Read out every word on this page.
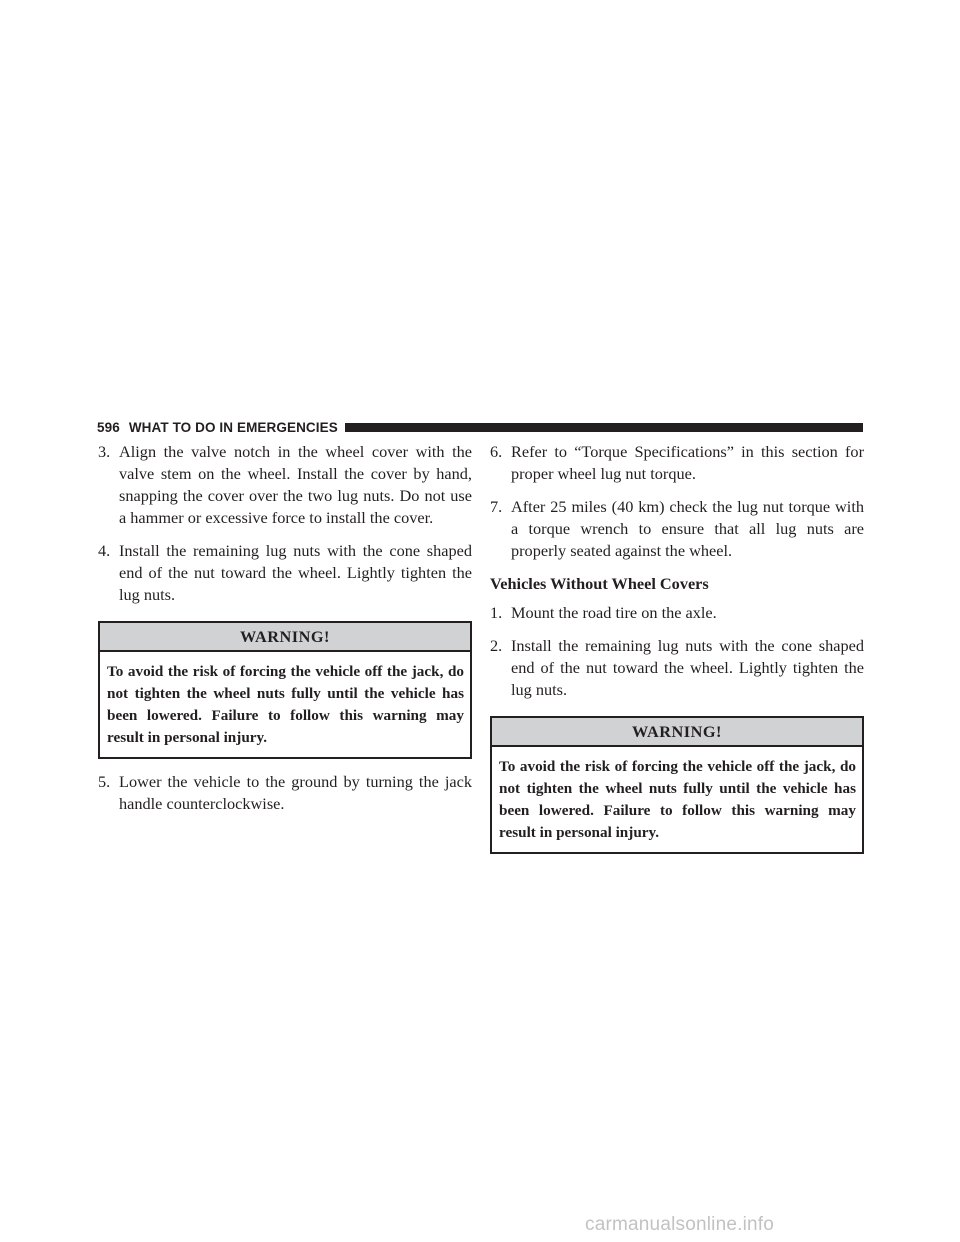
596 WHAT TO DO IN EMERGENCIES

3. Align the valve notch in the wheel cover with the valve stem on the wheel. Install the cover by hand, snapping the cover over the two lug nuts. Do not use a hammer or excessive force to install the cover.

4. Install the remaining lug nuts with the cone shaped end of the nut toward the wheel. Lightly tighten the lug nuts.

WARNING!
To avoid the risk of forcing the vehicle off the jack, do not tighten the wheel nuts fully until the vehicle has been lowered. Failure to follow this warning may result in personal injury.

5. Lower the vehicle to the ground by turning the jack handle counterclockwise.

6. Refer to “Torque Specifications” in this section for proper wheel lug nut torque.

7. After 25 miles (40 km) check the lug nut torque with a torque wrench to ensure that all lug nuts are properly seated against the wheel.

Vehicles Without Wheel Covers

1. Mount the road tire on the axle.

2. Install the remaining lug nuts with the cone shaped end of the nut toward the wheel. Lightly tighten the lug nuts.

WARNING!
To avoid the risk of forcing the vehicle off the jack, do not tighten the wheel nuts fully until the vehicle has been lowered. Failure to follow this warning may result in personal injury.
carmanualsonline.info
